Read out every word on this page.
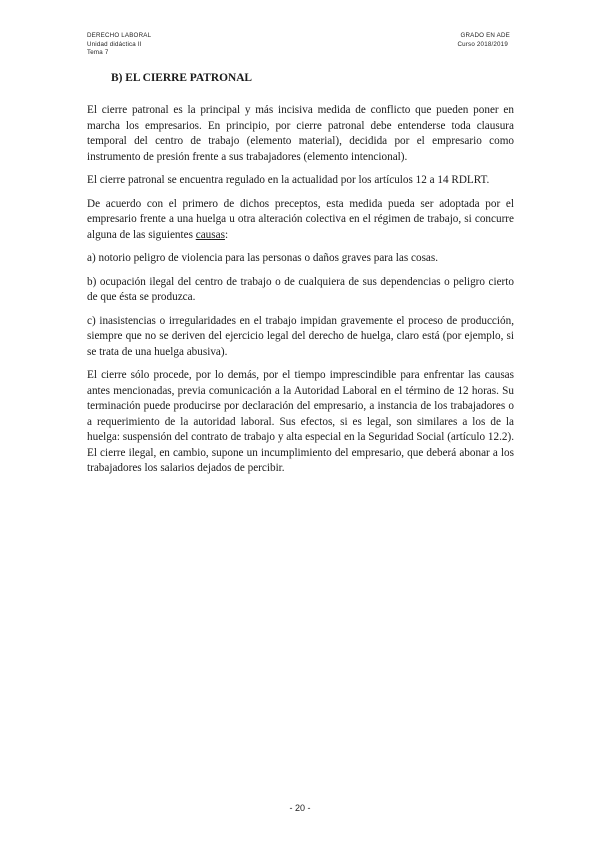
DERECHO LABORAL
Unidad didáctica II
Tema 7
GRADO EN ADE
Curso 2018/2019
B) EL CIERRE PATRONAL

El cierre patronal es la principal y más incisiva medida de conflicto que pueden poner en marcha los empresarios. En principio, por cierre patronal debe entenderse toda clausura temporal del centro de trabajo (elemento material), decidida por el empresario como instrumento de presión frente a sus trabajadores (elemento intencional).

El cierre patronal se encuentra regulado en la actualidad por los artículos 12 a 14 RDLRT.

De acuerdo con el primero de dichos preceptos, esta medida pueda ser adoptada por el empresario frente a una huelga u otra alteración colectiva en el régimen de trabajo, si concurre alguna de las siguientes causas:

a) notorio peligro de violencia para las personas o daños graves para las cosas.

b) ocupación ilegal del centro de trabajo o de cualquiera de sus dependencias o peligro cierto de que ésta se produzca.

c) inasistencias o irregularidades en el trabajo impidan gravemente el proceso de producción, siempre que no se deriven del ejercicio legal del derecho de huelga, claro está (por ejemplo, si se trata de una huelga abusiva).

El cierre sólo procede, por lo demás, por el tiempo imprescindible para enfrentar las causas antes mencionadas, previa comunicación a la Autoridad Laboral en el término de 12 horas. Su terminación puede producirse por declaración del empresario, a instancia de los trabajadores o a requerimiento de la autoridad laboral. Sus efectos, si es legal, son similares a los de la huelga: suspensión del contrato de trabajo y alta especial en la Seguridad Social (artículo 12.2). El cierre ilegal, en cambio, supone un incumplimiento del empresario, que deberá abonar a los trabajadores los salarios dejados de percibir.

- 20 -
